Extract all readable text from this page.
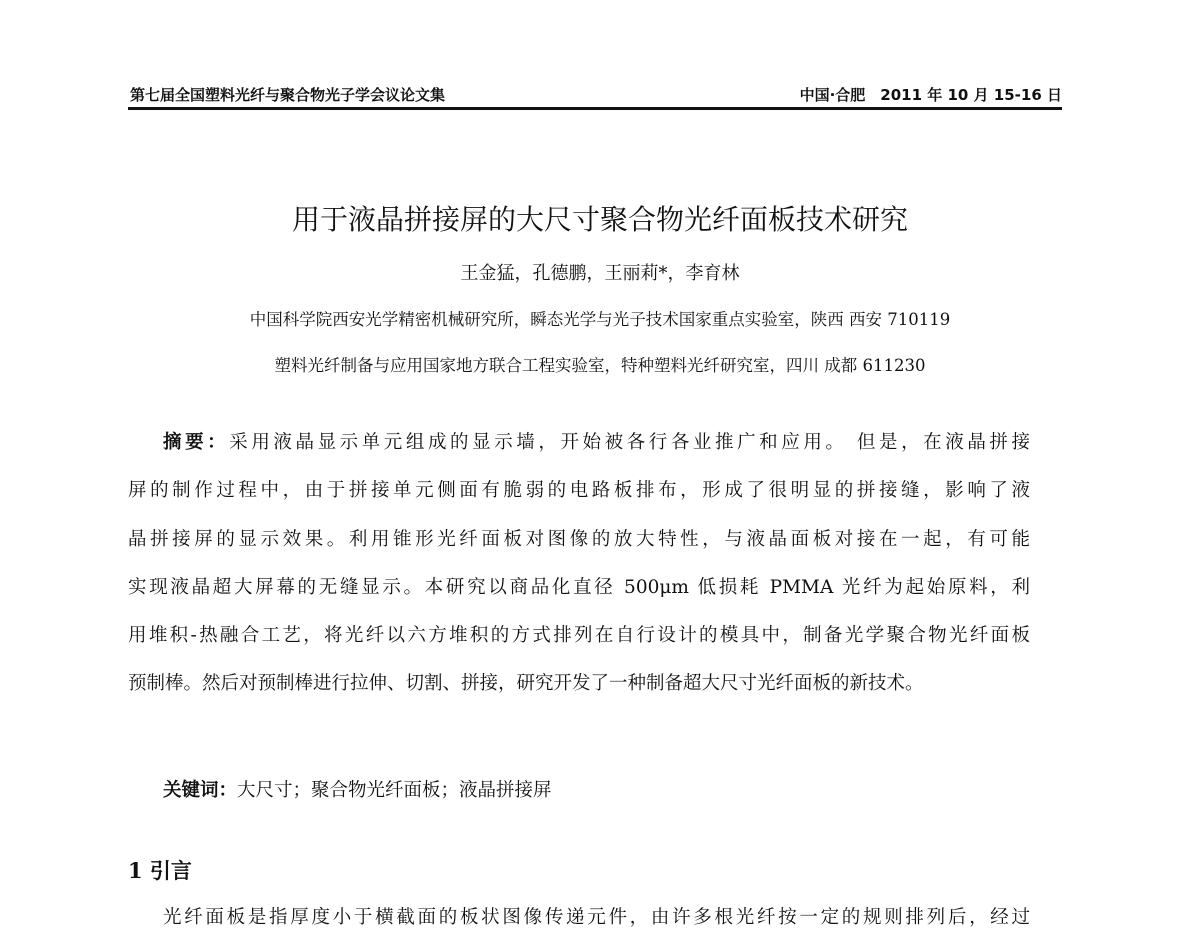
第七届全国塑料光纤与聚合物光子学会议论文集	中国·合肥　2011 年 10 月 15-16 日
用于液晶拼接屏的大尺寸聚合物光纤面板技术研究
王金猛，孔德鹏，王丽莉*，李育林
中国科学院西安光学精密机械研究所，瞬态光学与光子技术国家重点实验室，陕西 西安 710119
塑料光纤制备与应用国家地方联合工程实验室，特种塑料光纤研究室，四川 成都 611230
摘要：采用液晶显示单元组成的显示墙，开始被各行各业推广和应用。 但是，在液晶拼接
屏的制作过程中，由于拼接单元侧面有脆弱的电路板排布，形成了很明显的拼接缝，影响了液
晶拼接屏的显示效果。利用锥形光纤面板对图像的放大特性，与液晶面板对接在一起，有可能
实现液晶超大屏幕的无缝显示。本研究以商品化直径 500μm 低损耗 PMMA 光纤为起始原料，利
用堆积-热融合工艺，将光纤以六方堆积的方式排列在自行设计的模具中，制备光学聚合物光纤面板
预制棒。然后对预制棒进行拉伸、切割、拼接，研究开发了一种制备超大尺寸光纤面板的新技术。
关键词：大尺寸；聚合物光纤面板；液晶拼接屏
1 引言
光纤面板是指厚度小于横截面的板状图像传递元件，由许多根光纤按一定的规则排列后，经过
